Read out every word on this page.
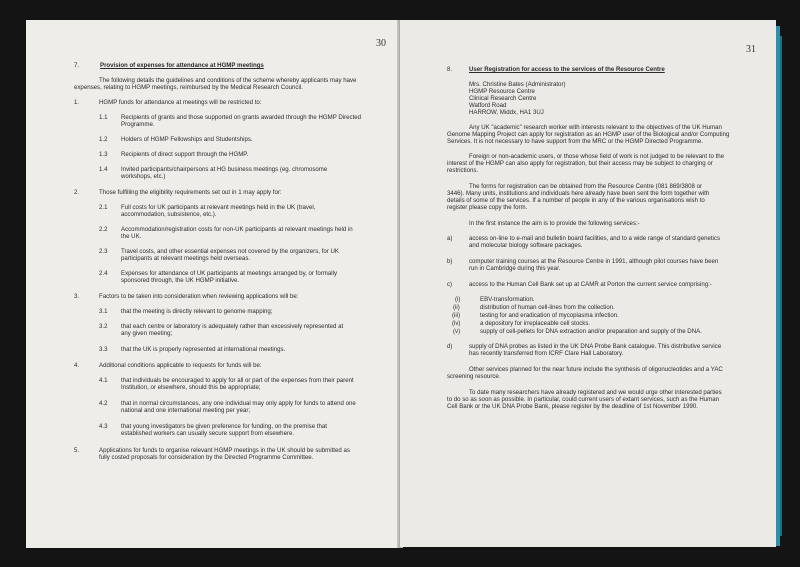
30
7.	Provision of expenses for attendance at HGMP meetings
The following details the guidelines and conditions of the scheme whereby applicants may have
expenses, relating to HGMP meetings, reimbursed by the Medical Research Council.
1.	HGMP funds for attendance at meetings will be restricted to:
1.1 Recipients of grants and those supported on grants awarded through the HGMP Directed
Programme.
1.2 Holders of HGMP Fellowships and Studentships.
1.3 Recipients of direct support through the HGMP.
1.4 Invited participants/chairpersons at HG business meetings (eg. chromosome
workshops, etc.)
2.	Those fulfilling the eligibility requirements set out in 1 may apply for:
2.1 Full costs for UK participants at relevant meetings held in the UK (travel,
accommodation, subsistence, etc.).
2.2 Accommodation/registration costs for non-UK participants at relevant meetings held in
the UK.
2.3 Travel costs, and other essential expenses not covered by the organizers, for UK
participants at relevant meetings held overseas.
2.4 Expenses for attendance of UK participants at meetings arranged by, or formally
sponsored through, the UK HGMP initiative.
3.	Factors to be taken into consideration when reviewing applications will be:
3.1 that the meeting is directly relevant to genome mapping;
3.2 that each centre or laboratory is adequately rather than excessively represented at
any given meeting;
3.3 that the UK is properly represented at international meetings.
4.	Additional conditions applicable to requests for funds will be:
4.1 that individuals be encouraged to apply for all or part of the expenses from their parent
Institution, or elsewhere, should this be appropriate;
4.2 that in normal circumstances, any one individual may only apply for funds to attend one
national and one international meeting per year;
4.3 that young investigators be given preference for funding, on the premise that
established workers can usually secure support from elsewhere.
5.	Applications for funds to organise relevant HGMP meetings in the UK should be submitted as
fully costed proposals for consideration by the Directed Programme Committee.
31
8.	User Registration for access to the services of the Resource Centre
Mrs. Christine Bates (Administrator)
HGMP Resource Centre
Clinical Research Centre
Watford Road
HARROW, Middx, HA1 3UJ
Any UK "academic" research worker with interests relevant to the objectives of the UK Human
Genome Mapping Project can apply for registration as an HGMP user of the Biological and/or Computing
Services. It is not necessary to have support from the MRC or the HGMP Directed Programme.
Foreign or non-academic users, or those whose field of work is not judged to be relevant to the
interest of the HGMP can also apply for registration, but their access may be subject to charging or
restrictions.
The forms for registration can be obtained from the Resource Centre (081 869/3808 or
3446). Many units, institutions and individuals here already have been sent the form together with
details of some of the services. If a number of people in any of the various organisations wish to
register please copy the form.
In the first instance the aim is to provide the following services:-
a)	access on-line to e-mail and bulletin board facilities, and to a wide range of standard genetics
and molecular biology software packages.
b)	computer training courses at the Resource Centre in 1991, although pilot courses have been
run in Cambridge during this year.
c)	access to the Human Cell Bank set up at CAMR at Porton the current service comprising:-
(i)	EBV-transformation.
(ii)	distribution of human cell-lines from the collection.
(iii)	testing for and eradication of mycoplasma infection.
(iv)	a depository for irreplaceable cell stocks.
(v)	supply of cell-pellets for DNA extraction and/or preparation and supply of the DNA.
d)	supply of DNA probes as listed in the UK DNA Probe Bank catalogue. This distributive service
has recently transferred from ICRF Clare Hall Laboratory.
Other services planned for the near future include the synthesis of oligonucleotides and a YAC
screening resource.
To date many researchers have already registered and we would urge other interested parties
to do so as soon as possible. In particular, could current users of extant services, such as the Human
Cell Bank or the UK DNA Probe Bank, please register by the deadline of 1st November 1990.
